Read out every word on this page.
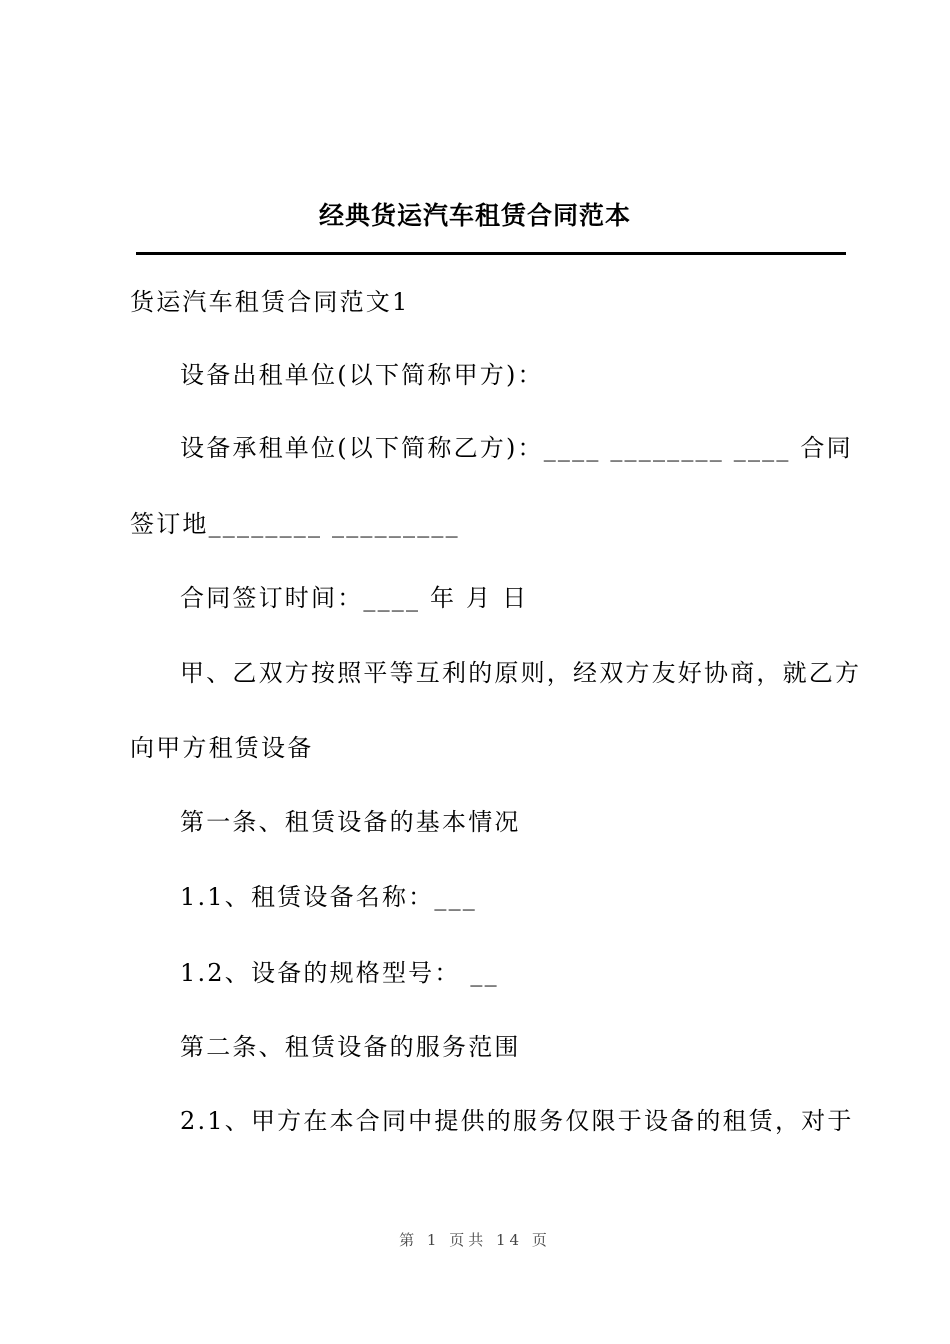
经典货运汽车租赁合同范本
货运汽车租赁合同范文1
设备出租单位(以下简称甲方)：
设备承租单位(以下简称乙方)：____ ________ ____ 合同
签订地________ _________
合同签订时间：____ 年 月 日
甲、乙双方按照平等互利的原则，经双方友好协商，就乙方
向甲方租赁设备
第一条、租赁设备的基本情况
1.1、租赁设备名称：___
1.2、设备的规格型号： __
第二条、租赁设备的服务范围
2.1、甲方在本合同中提供的服务仅限于设备的租赁，对于
第 1 页共 14 页
